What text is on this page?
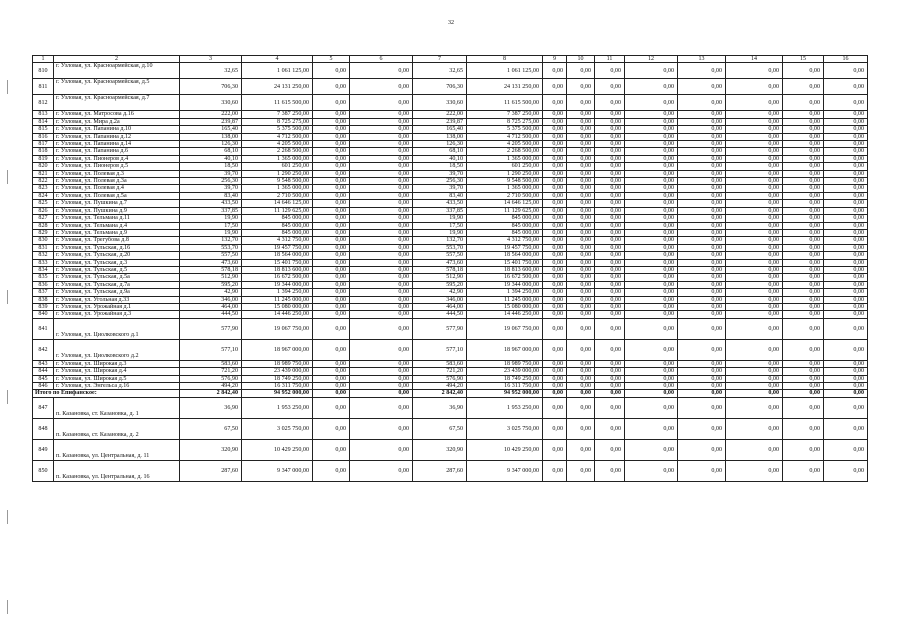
32
1	2	3	4	5	6	7	8	9	10	11	12	13	14	15	16
810	г. Узловая, ул. Красноармейская, д.10	32,65	1 061 125,00	0,00	0,00	32,65	1 061 125,00	0,00	0,00	0,00	0,00	0,00	0,00	0,00	0,00
811	г. Узловая, ул. Красноармейская, д.5	706,30	24 131 250,00	0,00	0,00	706,30	24 131 250,00	0,00	0,00	0,00	0,00	0,00	0,00	0,00	0,00
812	г. Узловая, ул. Красноармейская, д.7	330,60	11 615 500,00	0,00	0,00	330,60	11 615 500,00	0,00	0,00	0,00	0,00	0,00	0,00	0,00	0,00
813	г. Узловая, ул. Матросова д.16	222,00	7 387 250,00	0,00	0,00	222,00	7 387 250,00	0,00	0,00	0,00	0,00	0,00	0,00	0,00	0,00
814	г. Узловая, ул. Мира д.2а	239,87	8 725 275,00	0,00	0,00	239,87	8 725 275,00	0,00	0,00	0,00	0,00	0,00	0,00	0,00	0,00
815	г. Узловая, ул. Папанина д.10	165,40	5 375 500,00	0,00	0,00	165,40	5 375 500,00	0,00	0,00	0,00	0,00	0,00	0,00	0,00	0,00
816	г. Узловая, ул. Папанина д.12	138,00	4 712 500,00	0,00	0,00	138,00	4 712 500,00	0,00	0,00	0,00	0,00	0,00	0,00	0,00	0,00
817	г. Узловая, ул. Папанина д.14	126,30	4 205 500,00	0,00	0,00	126,30	4 205 500,00	0,00	0,00	0,00	0,00	0,00	0,00	0,00	0,00
818	г. Узловая, ул. Папанина д.6	68,10	2 268 500,00	0,00	0,00	68,10	2 268 500,00	0,00	0,00	0,00	0,00	0,00	0,00	0,00	0,00
819	г. Узловая, ул. Пионеров д.4	40,10	1 365 000,00	0,00	0,00	40,10	1 365 000,00	0,00	0,00	0,00	0,00	0,00	0,00	0,00	0,00
820	г. Узловая, ул. Пионеров д.5	18,50	601 250,00	0,00	0,00	18,50	601 250,00	0,00	0,00	0,00	0,00	0,00	0,00	0,00	0,00
821	г. Узловая, ул. Полевая д.3	39,70	1 290 250,00	0,00	0,00	39,70	1 290 250,00	0,00	0,00	0,00	0,00	0,00	0,00	0,00	0,00
822	г. Узловая, ул. Полевая д.3а	256,30	9 548 500,00	0,00	0,00	256,30	9 548 500,00	0,00	0,00	0,00	0,00	0,00	0,00	0,00	0,00
823	г. Узловая, ул. Полевая д.4	39,70	1 365 000,00	0,00	0,00	39,70	1 365 000,00	0,00	0,00	0,00	0,00	0,00	0,00	0,00	0,00
824	г. Узловая, ул. Полевая д.5а	83,40	2 710 500,00	0,00	0,00	83,40	2 710 500,00	0,00	0,00	0,00	0,00	0,00	0,00	0,00	0,00
825	г. Узловая, ул. Пушкина д.7	433,50	14 646 125,00	0,00	0,00	433,50	14 646 125,00	0,00	0,00	0,00	0,00	0,00	0,00	0,00	0,00
826	г. Узловая, ул. Пушкина д.9	337,85	11 129 625,00	0,00	0,00	337,85	11 129 625,00	0,00	0,00	0,00	0,00	0,00	0,00	0,00	0,00
827	г. Узловая, ул. Тельмана д.11	19,90	845 000,00	0,00	0,00	19,90	845 000,00	0,00	0,00	0,00	0,00	0,00	0,00	0,00	0,00
828	г. Узловая, ул. Тельмана д.4	17,50	845 000,00	0,00	0,00	17,50	845 000,00	0,00	0,00	0,00	0,00	0,00	0,00	0,00	0,00
829	г. Узловая, ул. Тельмана д.9	19,90	845 000,00	0,00	0,00	19,90	845 000,00	0,00	0,00	0,00	0,00	0,00	0,00	0,00	0,00
830	г. Узловая, ул. Трегубова д.8	132,70	4 312 750,00	0,00	0,00	132,70	4 312 750,00	0,00	0,00	0,00	0,00	0,00	0,00	0,00	0,00
831	г. Узловая, ул. Тульская, д.16	553,70	19 457 750,00	0,00	0,00	553,70	19 457 750,00	0,00	0,00	0,00	0,00	0,00	0,00	0,00	0,00
832	г. Узловая, ул. Тульская, д.20	557,50	18 564 000,00	0,00	0,00	557,50	18 564 000,00	0,00	0,00	0,00	0,00	0,00	0,00	0,00	0,00
833	г. Узловая, ул. Тульская, д.3	473,60	15 401 750,00	0,00	0,00	473,60	15 401 750,00	0,00	0,00	0,00	0,00	0,00	0,00	0,00	0,00
834	г. Узловая, ул. Тульская, д.5	578,18	18 813 600,00	0,00	0,00	578,18	18 813 600,00	0,00	0,00	0,00	0,00	0,00	0,00	0,00	0,00
835	г. Узловая, ул. Тульская, д.5а	512,90	16 672 500,00	0,00	0,00	512,90	16 672 500,00	0,00	0,00	0,00	0,00	0,00	0,00	0,00	0,00
836	г. Узловая, ул. Тульская, д.7а	595,20	19 344 000,00	0,00	0,00	595,20	19 344 000,00	0,00	0,00	0,00	0,00	0,00	0,00	0,00	0,00
837	г. Узловая, ул. Тульская, д.9а	42,90	1 394 250,00	0,00	0,00	42,90	1 394 250,00	0,00	0,00	0,00	0,00	0,00	0,00	0,00	0,00
838	г. Узловая, ул. Угольная д.33	346,00	11 245 000,00	0,00	0,00	346,00	11 245 000,00	0,00	0,00	0,00	0,00	0,00	0,00	0,00	0,00
839	г. Узловая, ул. Урожайная д.1	464,00	15 080 000,00	0,00	0,00	464,00	15 080 000,00	0,00	0,00	0,00	0,00	0,00	0,00	0,00	0,00
840	г. Узловая, ул. Урожайная д.3	444,50	14 446 250,00	0,00	0,00	444,50	14 446 250,00	0,00	0,00	0,00	0,00	0,00	0,00	0,00	0,00
841	г. Узловая, ул. Циолковского д.1	577,90	19 067 750,00	0,00	0,00	577,90	19 067 750,00	0,00	0,00	0,00	0,00	0,00	0,00	0,00	0,00
842	г. Узловая, ул. Циолковского д.2	577,10	18 967 000,00	0,00	0,00	577,10	18 967 000,00	0,00	0,00	0,00	0,00	0,00	0,00	0,00	0,00
843	г. Узловая, ул. Широкая д.3	583,60	18 989 750,00	0,00	0,00	583,60	18 989 750,00	0,00	0,00	0,00	0,00	0,00	0,00	0,00	0,00
844	г. Узловая, ул. Широкая д.4	721,20	23 439 000,00	0,00	0,00	721,20	23 439 000,00	0,00	0,00	0,00	0,00	0,00	0,00	0,00	0,00
845	г. Узловая, ул. Широкая д.5	576,90	18 749 250,00	0,00	0,00	576,90	18 749 250,00	0,00	0,00	0,00	0,00	0,00	0,00	0,00	0,00
846	г. Узловая, ул. Энгельса д.16	494,20	16 311 750,00	0,00	0,00	494,20	16 311 750,00	0,00	0,00	0,00	0,00	0,00	0,00	0,00	0,00
Итого по Епифанское:		2 842,40	94 952 000,00	0,00	0,00	2 842,40	94 952 000,00	0,00	0,00	0,00	0,00	0,00	0,00	0,00	0,00
847	п. Казановка, ст. Казановка, д. 1	36,90	1 953 250,00	0,00	0,00	36,90	1 953 250,00	0,00	0,00	0,00	0,00	0,00	0,00	0,00	0,00
848	п. Казановка, ст. Казановка, д. 2	67,50	3 025 750,00	0,00	0,00	67,50	3 025 750,00	0,00	0,00	0,00	0,00	0,00	0,00	0,00	0,00
849	п. Казановка, ул. Центральная, д. 11	320,90	10 429 250,00	0,00	0,00	320,90	10 429 250,00	0,00	0,00	0,00	0,00	0,00	0,00	0,00	0,00
850	п. Казановка, ул. Центральная, д. 16	287,60	9 347 000,00	0,00	0,00	287,60	9 347 000,00	0,00	0,00	0,00	0,00	0,00	0,00	0,00	0,00
